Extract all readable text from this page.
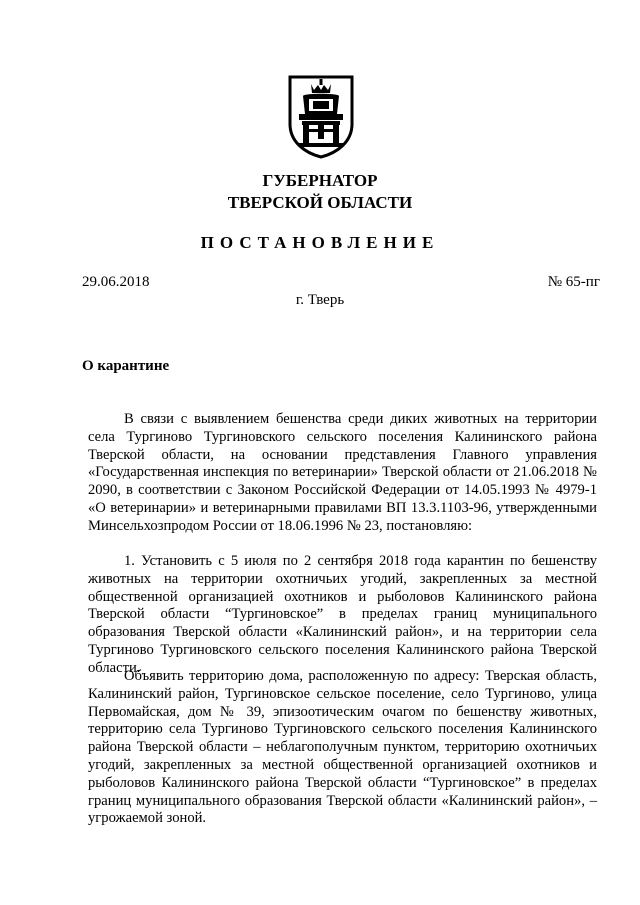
ГУБЕРНАТОР
ТВЕРСКОЙ ОБЛАСТИ
ПОСТАНОВЛЕНИЕ
29.06.2018	№ 65-пг
г. Тверь
О карантине

В связи с выявлением бешенства среди диких животных на территории села Тургиново Тургиновского сельского поселения Калининского района Тверской области, на основании представления Главного управления «Государственная инспекция по ветеринарии» Тверской области от 21.06.2018 № 2090, в соответствии с Законом Российской Федерации от 14.05.1993 № 4979-1 «О ветеринарии» и ветеринарными правилами ВП 13.3.1103-96, утвержденными Минсельхозпродом России от 18.06.1996 № 23, постановляю:

1. Установить с 5 июля по 2 сентября 2018 года карантин по бешенству животных на территории охотничьих угодий, закрепленных за местной общественной организацией охотников и рыболовов Калининского района Тверской области “Тургиновское” в пределах границ муниципального образования Тверской области «Калининский район», и на территории села Тургиново Тургиновского сельского поселения Калининского района Тверской области.

Объявить территорию дома, расположенную по адресу: Тверская область, Калининский район, Тургиновское сельское поселение, село Тургиново, улица Первомайская, дом № 39, эпизоотическим очагом по бешенству животных, территорию села Тургиново Тургиновского сельского поселения Калининского района Тверской области – неблагополучным пунктом, территорию охотничьих угодий, закрепленных за местной общественной организацией охотников и рыболовов Калининского района Тверской области “Тургиновское” в пределах границ муниципального образования Тверской области «Калининский район», – угрожаемой зоной.
